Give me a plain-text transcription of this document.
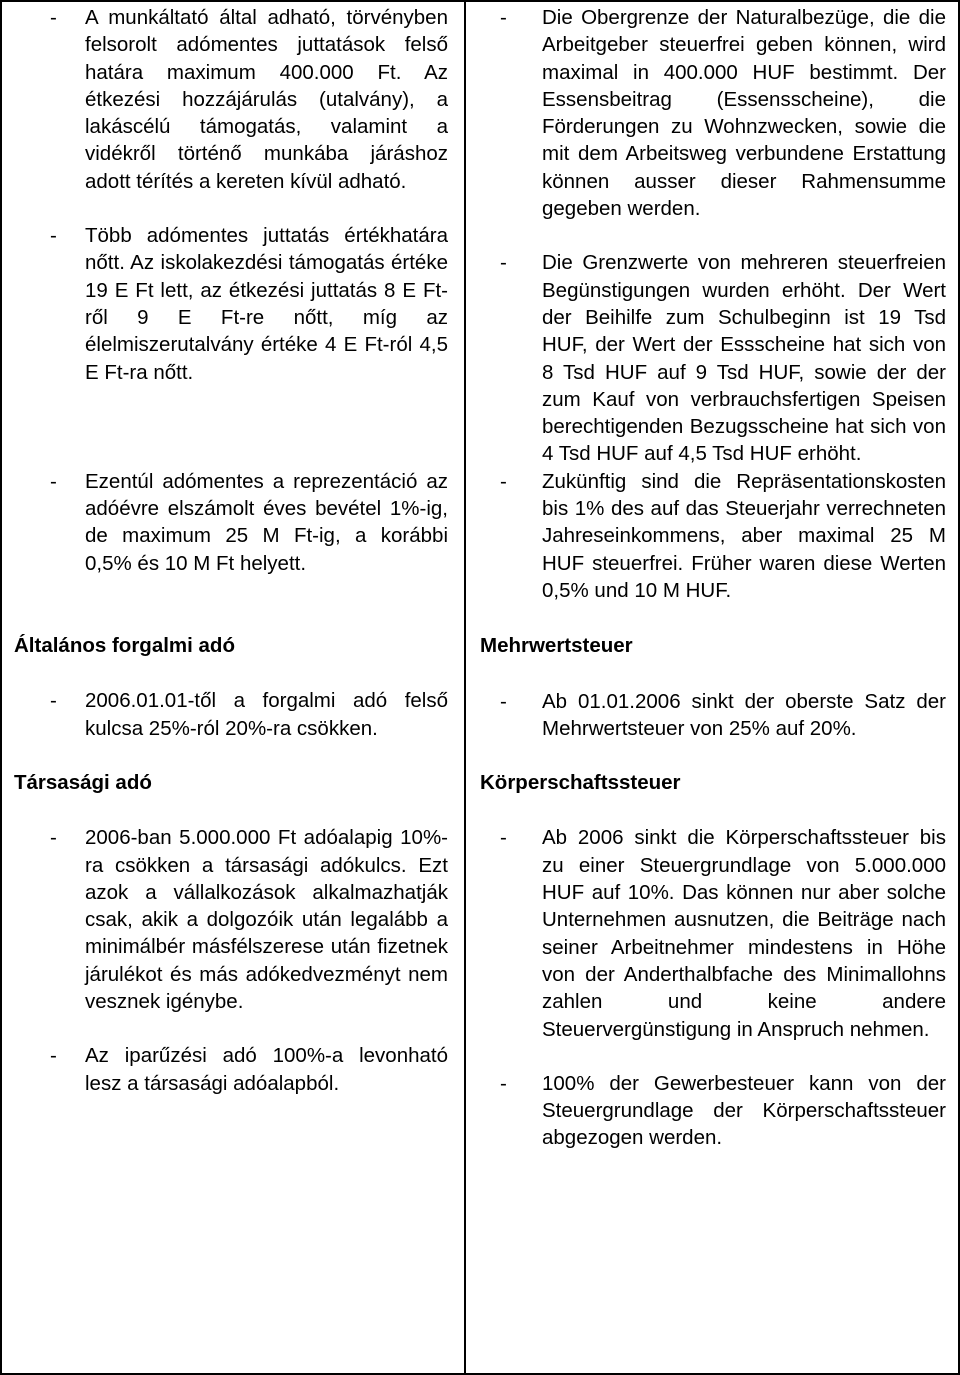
- A munkáltató által adható, törvényben felsorolt adómentes juttatások felső határa maximum 400.000 Ft. Az étkezési hozzájárulás (utalvány), a lakáscélú támogatás, valamint a vidékről történő munkába járáshoz adott térítés a kereten kívül adható.
- Több adómentes juttatás értékhatára nőtt. Az iskolakezdési támogatás értéke 19 E Ft lett, az étkezési juttatás 8 E Ft-ről 9 E Ft-re nőtt, míg az élelmiszerutalvány értéke 4 E Ft-ról 4,5 E Ft-ra nőtt.
- Ezentúl adómentes a reprezentáció az adóévre elszámolt éves bevétel 1%-ig, de maximum 25 M Ft-ig, a korábbi 0,5% és 10 M Ft helyett.
Általános forgalmi adó
- 2006.01.01-től a forgalmi adó felső kulcsa 25%-ról 20%-ra csökken.
Társasági adó
- 2006-ban 5.000.000 Ft adóalapig 10%-ra csökken a társasági adókulcs. Ezt azok a vállalkozások alkalmazhatják csak, akik a dolgozóik után legalább a minimálbér másfélszerese után fizetnek járulékot és más adókedvezményt nem vesznek igénybe.
- Az iparűzési adó 100%-a levonható lesz a társasági adóalapból.
- Die Obergrenze der Naturalbezüge, die die Arbeitgeber steuerfrei geben können, wird maximal in 400.000 HUF bestimmt. Der Essensbeitrag (Essensscheine), die Förderungen zu Wohnzwecken, sowie die mit dem Arbeitsweg verbundene Erstattung können ausser dieser Rahmensumme gegeben werden.
- Die Grenzwerte von mehreren steuerfreien Begünstigungen wurden erhöht. Der Wert der Beihilfe zum Schulbeginn ist 19 Tsd HUF, der Wert der Essscheine hat sich von 8 Tsd HUF auf 9 Tsd HUF, sowie der der zum Kauf von verbrauchsfertigen Speisen berechtigenden Bezugsscheine hat sich von 4 Tsd HUF auf 4,5 Tsd HUF erhöht.
- Zukünftig sind die Repräsentationskosten bis 1% des auf das Steuerjahr verrechneten Jahreseinkommens, aber maximal 25 M HUF steuerfrei. Früher waren diese Werten 0,5% und 10 M HUF.
Mehrwertsteuer
- Ab 01.01.2006 sinkt der oberste Satz der Mehrwertsteuer von 25% auf 20%.
Körperschaftssteuer
- Ab 2006 sinkt die Körperschaftssteuer bis zu einer Steuergrundlage von 5.000.000 HUF auf 10%. Das können nur aber solche Unternehmen ausnutzen, die Beiträge nach seiner Arbeitnehmer mindestens in Höhe von der Anderthalbfache des Minimallohns zahlen und keine andere Steuervergünstigung in Anspruch nehmen.
- 100% der Gewerbesteuer kann von der Steuergrundlage der Körperschaftssteuer abgezogen werden.
